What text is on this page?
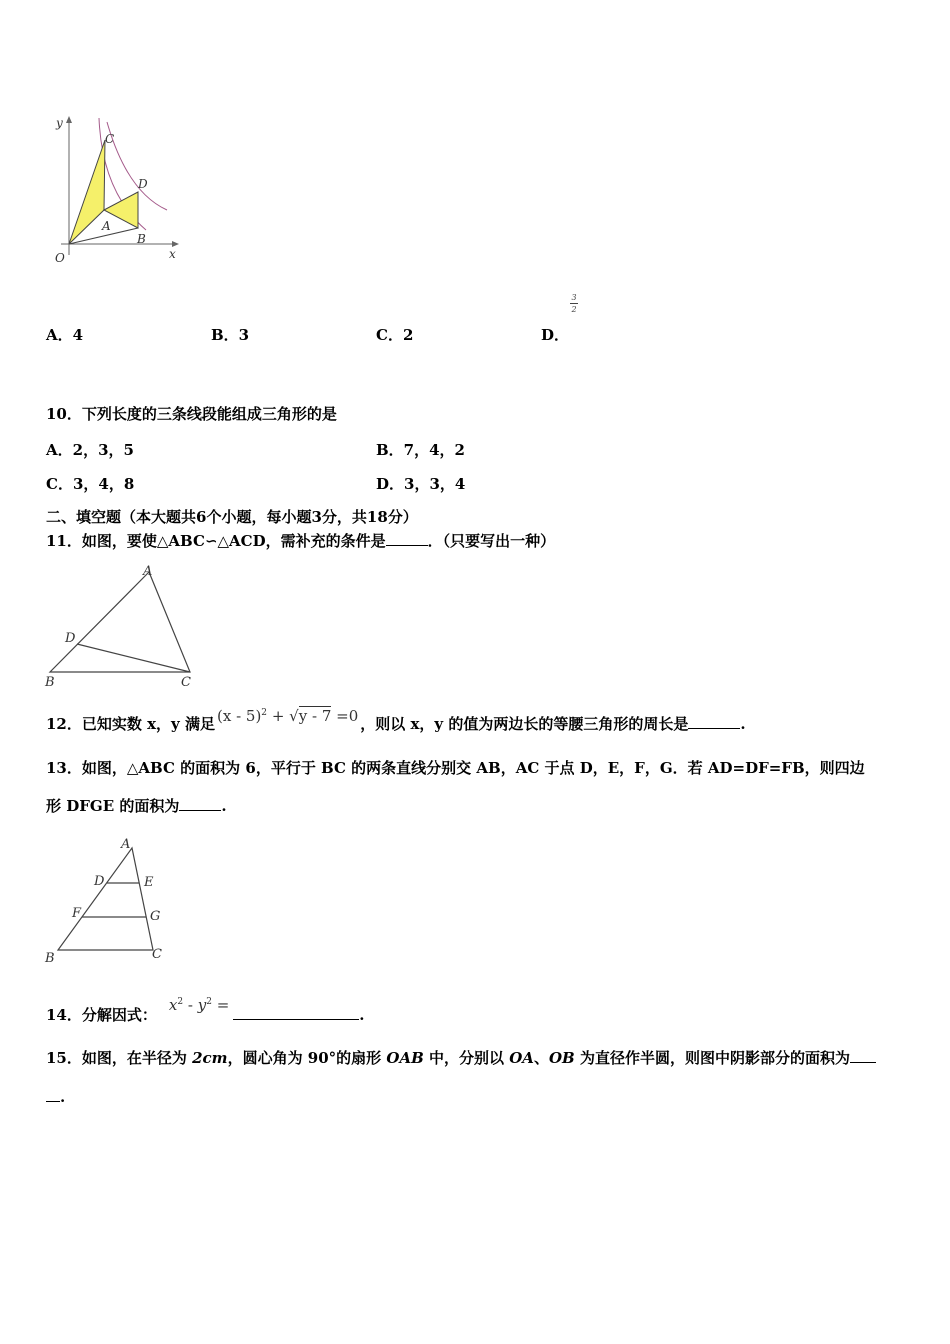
y
C
D
A
B
O	x
A．4	B．3	C．2	D．
3
2
10．下列长度的三条线段能组成三角形的是
A．2，3，5	B．7，4，2
C．3，4，8	D．3，3，4
二、填空题（本大题共6个小题，每小题3分，共18分）
11．如图，要使△ABC∽△ACD，需补充的条件是	．（只要写出一种）
A
D
B	C
12．已知实数 x，y 满足 (x - 5)$^2$ + √y - 7 =0 ，则以 x，y 的值为两边长的等腰三角形的周长是	.
13．如图，△ABC 的面积为 6，平行于 BC 的两条直线分别交 AB，AC 于点 D，E，F，G．若 AD=DF=FB，则四边
形 DFGE 的面积为	.
A
D	E
F	G
B	C
14．分解因式：$x^2 - y^2$ =.
15．如图，在半径为 2cm，圆心角为 90°的扇形 OAB 中，分别以 OA、OB 为直径作半圆，则图中阴影部分的面积为
.
